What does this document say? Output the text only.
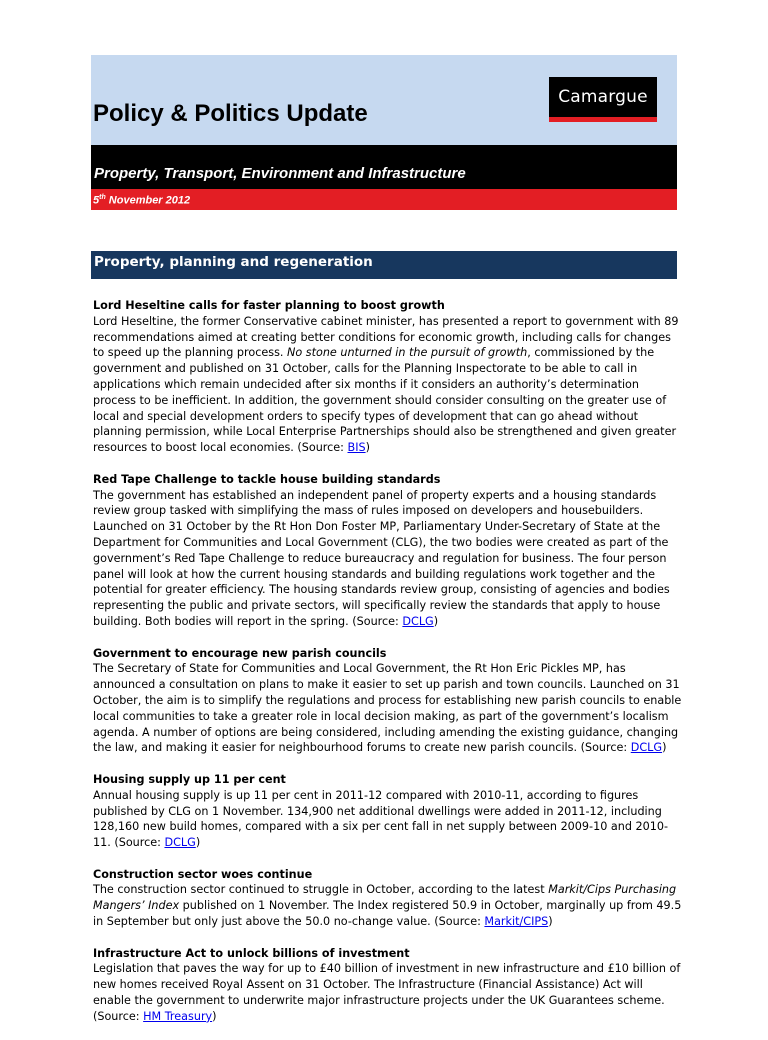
Policy & Politics Update
Camargue
Property, Transport, Environment and Infrastructure
5th November 2012
Property, planning and regeneration
Lord Heseltine calls for faster planning to boost growth
Lord Heseltine, the former Conservative cabinet minister, has presented a report to government with 89 recommendations aimed at creating better conditions for economic growth, including calls for changes to speed up the planning process. No stone unturned in the pursuit of growth, commissioned by the government and published on 31 October, calls for the Planning Inspectorate to be able to call in applications which remain undecided after six months if it considers an authority’s determination process to be inefficient. In addition, the government should consider consulting on the greater use of local and special development orders to specify types of development that can go ahead without planning permission, while Local Enterprise Partnerships should also be strengthened and given greater resources to boost local economies. (Source: BIS)
Red Tape Challenge to tackle house building standards
The government has established an independent panel of property experts and a housing standards review group tasked with simplifying the mass of rules imposed on developers and housebuilders. Launched on 31 October by the Rt Hon Don Foster MP, Parliamentary Under-Secretary of State at the Department for Communities and Local Government (CLG), the two bodies were created as part of the government’s Red Tape Challenge to reduce bureaucracy and regulation for business. The four person panel will look at how the current housing standards and building regulations work together and the potential for greater efficiency. The housing standards review group, consisting of agencies and bodies representing the public and private sectors, will specifically review the standards that apply to house building. Both bodies will report in the spring. (Source: DCLG)
Government to encourage new parish councils
The Secretary of State for Communities and Local Government, the Rt Hon Eric Pickles MP, has announced a consultation on plans to make it easier to set up parish and town councils. Launched on 31 October, the aim is to simplify the regulations and process for establishing new parish councils to enable local communities to take a greater role in local decision making, as part of the government’s localism agenda. A number of options are being considered, including amending the existing guidance, changing the law, and making it easier for neighbourhood forums to create new parish councils. (Source: DCLG)
Housing supply up 11 per cent
Annual housing supply is up 11 per cent in 2011-12 compared with 2010-11, according to figures published by CLG on 1 November. 134,900 net additional dwellings were added in 2011-12, including 128,160 new build homes, compared with a six per cent fall in net supply between 2009-10 and 2010-11. (Source: DCLG)
Construction sector woes continue
The construction sector continued to struggle in October, according to the latest Markit/Cips Purchasing Mangers’ Index published on 1 November. The Index registered 50.9 in October, marginally up from 49.5 in September but only just above the 50.0 no-change value. (Source: Markit/CIPS)
Infrastructure Act to unlock billions of investment
Legislation that paves the way for up to £40 billion of investment in new infrastructure and £10 billion of new homes received Royal Assent on 31 October. The Infrastructure (Financial Assistance) Act will enable the government to underwrite major infrastructure projects under the UK Guarantees scheme. (Source: HM Treasury)
